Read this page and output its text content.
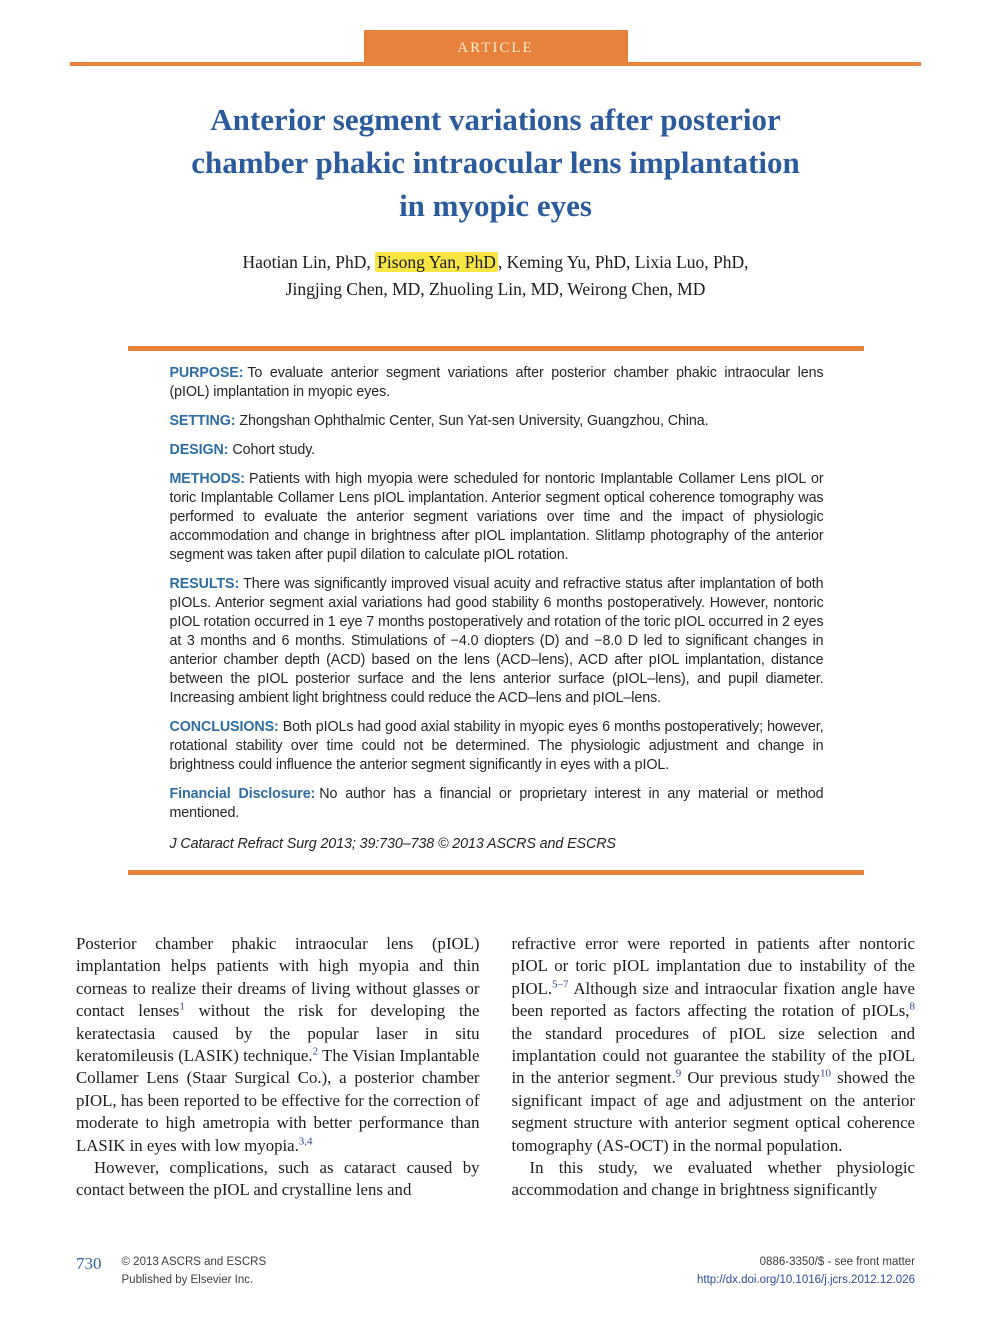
ARTICLE
Anterior segment variations after posterior
chamber phakic intraocular lens implantation
in myopic eyes
Haotian Lin, PhD, Pisong Yan, PhD , Keming Yu, PhD, Lixia Luo, PhD,
Jingjing Chen, MD, Zhuoling Lin, MD, Weirong Chen, MD

PURPOSE: To evaluate anterior segment variations after posterior chamber phakic intraocular lens (pIOL) implantation in myopic eyes.

SETTING: Zhongshan Ophthalmic Center, Sun Yat-sen University, Guangzhou, China.

DESIGN: Cohort study.

METHODS: Patients with high myopia were scheduled for nontoric Implantable Collamer Lens pIOL or toric Implantable Collamer Lens pIOL implantation. Anterior segment optical coherence tomography was performed to evaluate the anterior segment variations over time and the impact of physiologic accommodation and change in brightness after pIOL implantation. Slitlamp photography of the anterior segment was taken after pupil dilation to calculate pIOL rotation.

RESULTS: There was significantly improved visual acuity and refractive status after implantation of both pIOLs. Anterior segment axial variations had good stability 6 months postoperatively. However, nontoric pIOL rotation occurred in 1 eye 7 months postoperatively and rotation of the toric pIOL occurred in 2 eyes at 3 months and 6 months. Stimulations of −4.0 diopters (D) and −8.0 D led to significant changes in anterior chamber depth (ACD) based on the lens (ACD–lens), ACD after pIOL implantation, distance between the pIOL posterior surface and the lens anterior surface (pIOL–lens), and pupil diameter. Increasing ambient light brightness could reduce the ACD–lens and pIOL–lens.

CONCLUSIONS: Both pIOLs had good axial stability in myopic eyes 6 months postoperatively; however, rotational stability over time could not be determined. The physiologic adjustment and change in brightness could influence the anterior segment significantly in eyes with a pIOL.

Financial Disclosure: No author has a financial or proprietary interest in any material or method mentioned.

J Cataract Refract Surg 2013; 39:730–738 © 2013 ASCRS and ESCRS

Posterior chamber phakic intraocular lens (pIOL) implantation helps patients with high myopia and thin corneas to realize their dreams of living without glasses or contact lenses$^1$ without the risk for developing the keratectasia caused by the popular laser in situ keratomileusis (LASIK) technique.$^2$ The Visian Implantable Collamer Lens (Staar Surgical Co.), a posterior chamber pIOL, has been reported to be effective for the correction of moderate to high ametropia with better performance than LASIK in eyes with low myopia.$^{3,4}$

However, complications, such as cataract caused by contact between the pIOL and crystalline lens and

refractive error were reported in patients after nontoric pIOL or toric pIOL implantation due to instability of the pIOL.$^{5-7}$ Although size and intraocular fixation angle have been reported as factors affecting the rotation of pIOLs,$^8$ the standard procedures of pIOL size selection and implantation could not guarantee the stability of the pIOL in the anterior segment.$^9$ Our previous study$^{10}$ showed the significant impact of age and adjustment on the anterior segment structure with anterior segment optical coherence tomography (AS-OCT) in the normal population.

In this study, we evaluated whether physiologic accommodation and change in brightness significantly

730 © 2013 ASCRS and ESCRS
Published by Elsevier Inc.
0886-3350/$ - see front matter
http://dx.doi.org/10.1016/j.jcrs.2012.12.026
